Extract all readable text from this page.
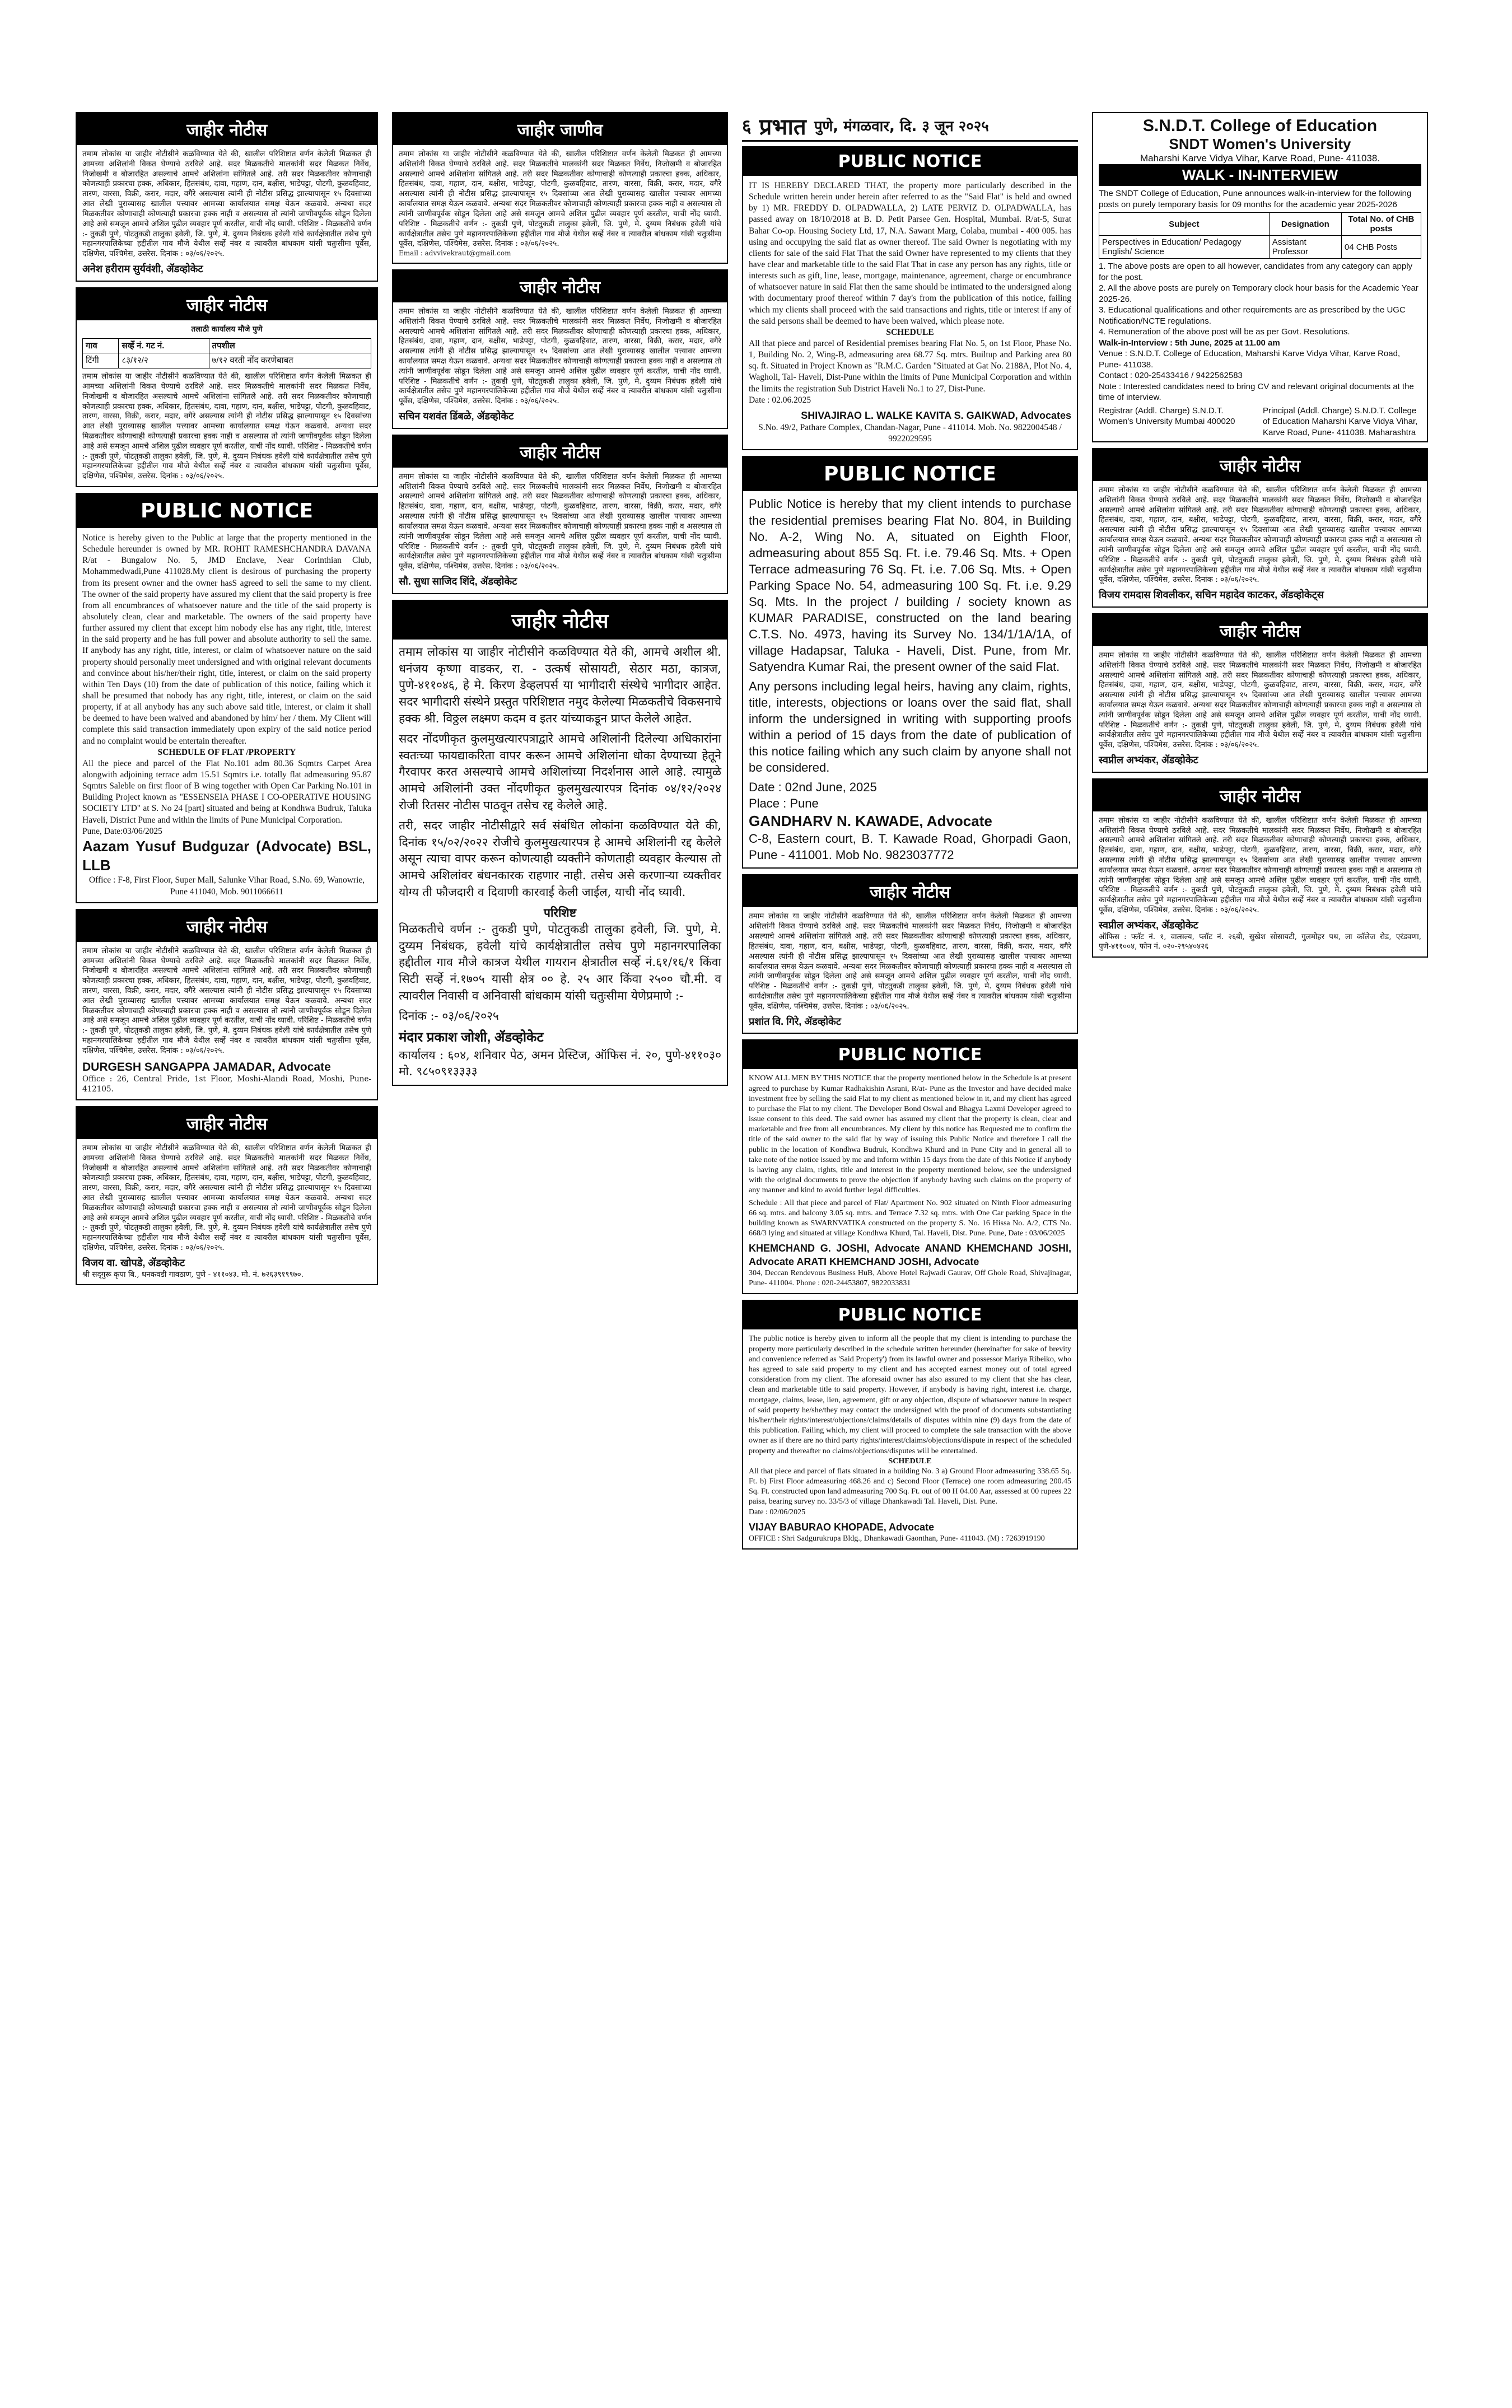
जाहीर नोटीस
तमाम लोकांस या जाहीर नोटीसीने कळविण्यात येते की, खालील परिशिष्टात वर्णन केलेली मिळकत ही आमच्या अशिलांनी विकत घेण्याचे ठरविले आहे. सदर मिळकतीचे मालकांनी सदर मिळकत निर्वेध, निजोखमी व बोजारहित असल्याचे आमचे अशिलांना सांगितले आहे. तरी सदर मिळकतीवर कोणाचाही कोणत्याही प्रकारचा हक्क, अधिकार, हितसंबंध, दावा, गहाण, दान, बक्षीस, भाडेपट्टा, पोटगी, कुळवहिवाट, तारण, वारसा, विक्री, करार, मदार, वगैरे असल्यास त्यांनी ही नोटीस प्रसिद्ध झाल्यापासून १५ दिवसांच्या आत लेखी पुराव्यासह खालील पत्त्यावर आमच्या कार्यालयात समक्ष येऊन कळवावे. अन्यथा सदर मिळकतीवर कोणाचाही कोणत्याही प्रकारचा हक्क नाही व असल्यास तो त्यांनी जाणीवपूर्वक सोडून दिलेला आहे असे समजून आमचे अशिल पुढील व्यवहार पूर्ण करतील, याची नोंद घ्यावी. परिशिष्ट - मिळकतीचे वर्णन :- तुकडी पुणे, पोटतुकडी तालुका हवेली, जि. पुणे, मे. दुय्यम निबंधक हवेली यांचे कार्यक्षेत्रातील तसेच पुणे महानगरपालिकेच्या हद्दीतील गाव मौजे येथील सर्व्हे नंबर व त्यावरील बांधकाम यांसी चतुःसीमा पूर्वेस, दक्षिणेस, पश्चिमेस, उत्तरेस. दिनांक : ०३/०६/२०२५.
अनेश हरीराम सुर्यवंशी, ॲडव्होकेट
जाहीर नोटीस
तलाठी कार्यालय मौजे पुणे
गाव	सर्व्हे नं. गट नं.	तपशील
टिंगी	८३/१२/२	७/१२ वरती नोंद करणेबाबत
तमाम लोकांस या जाहीर नोटीसीने कळविण्यात येते की, खालील परिशिष्टात वर्णन केलेली मिळकत ही आमच्या अशिलांनी विकत घेण्याचे ठरविले आहे. सदर मिळकतीचे मालकांनी सदर मिळकत निर्वेध, निजोखमी व बोजारहित असल्याचे आमचे अशिलांना सांगितले आहे. तरी सदर मिळकतीवर कोणाचाही कोणत्याही प्रकारचा हक्क, अधिकार, हितसंबंध, दावा, गहाण, दान, बक्षीस, भाडेपट्टा, पोटगी, कुळवहिवाट, तारण, वारसा, विक्री, करार, मदार, वगैरे असल्यास त्यांनी ही नोटीस प्रसिद्ध झाल्यापासून १५ दिवसांच्या आत लेखी पुराव्यासह खालील पत्त्यावर आमच्या कार्यालयात समक्ष येऊन कळवावे. अन्यथा सदर मिळकतीवर कोणाचाही कोणत्याही प्रकारचा हक्क नाही व असल्यास तो त्यांनी जाणीवपूर्वक सोडून दिलेला आहे असे समजून आमचे अशिल पुढील व्यवहार पूर्ण करतील, याची नोंद घ्यावी. परिशिष्ट - मिळकतीचे वर्णन :- तुकडी पुणे, पोटतुकडी तालुका हवेली, जि. पुणे, मे. दुय्यम निबंधक हवेली यांचे कार्यक्षेत्रातील तसेच पुणे महानगरपालिकेच्या हद्दीतील गाव मौजे येथील सर्व्हे नंबर व त्यावरील बांधकाम यांसी चतुःसीमा पूर्वेस, दक्षिणेस, पश्चिमेस, उत्तरेस. दिनांक : ०३/०६/२०२५.
PUBLIC NOTICE
Notice is hereby given to the Public at large that the property mentioned in the Schedule hereunder is owned by MR. ROHIT RAMESHCHANDRA DAVANA R/at - Bungalow No. 5, JMD Enclave, Near Corinthian Club, Mohammedwadi,Pune 411028.My client is desirous of purchasing the property from its present owner and the owner hasS agreed to sell the same to my client. The owner of the said property have assured my client that the said property is free from all encumbrances of whatsoever nature and the title of the said property is absolutely clean, clear and marketable. The owners of the said property have further assured my client that except him nobody else has any right, title, interest in the said property and he has full power and absolute authority to sell the same. If anybody has any right, title, interest, or claim of whatsoever nature on the said property should personally meet undersigned and with original relevant documents and convince about his/her/their right, title, interest, or claim on the said property within Ten Days (10) from the date of publication of this notice, failing which it shall be presumed that nobody has any right, title, interest, or claim on the said property, if at all anybody has any such above said title, interest, or claim it shall be deemed to have been waived and abandoned by him/ her / them. My Client will complete this said transaction immediately upon expiry of the said notice period and no complaint would be entertain thereafter.
SCHEDULE OF FLAT /PROPERTY
All the piece and parcel of the Flat No.101 adm 80.36 Sqmtrs Carpet Area alongwith adjoining terrace adm 15.51 Sqmtrs i.e. totally flat admeasuring 95.87 Sqmtrs Saleble on first floor of B wing together with Open Car Parking No.101 in Building Project known as "ESSENSEIA PHASE I CO-OPERATIVE HOUSING SOCIETY LTD" at S. No 24 [part] situated and being at Kondhwa Budruk, Taluka Haveli, District Pune and within the limits of Pune Municipal Corporation.
Pune, Date:03/06/2025
Aazam Yusuf Budguzar (Advocate) BSL, LLB
Office : F-8, First Floor, Super Mall, Salunke Vihar Road, S.No. 69, Wanowrie, Pune 411040, Mob. 9011066611
जाहीर नोटीस
तमाम लोकांस या जाहीर नोटीसीने कळविण्यात येते की, खालील परिशिष्टात वर्णन केलेली मिळकत ही आमच्या अशिलांनी विकत घेण्याचे ठरविले आहे. सदर मिळकतीचे मालकांनी सदर मिळकत निर्वेध, निजोखमी व बोजारहित असल्याचे आमचे अशिलांना सांगितले आहे. तरी सदर मिळकतीवर कोणाचाही कोणत्याही प्रकारचा हक्क, अधिकार, हितसंबंध, दावा, गहाण, दान, बक्षीस, भाडेपट्टा, पोटगी, कुळवहिवाट, तारण, वारसा, विक्री, करार, मदार, वगैरे असल्यास त्यांनी ही नोटीस प्रसिद्ध झाल्यापासून १५ दिवसांच्या आत लेखी पुराव्यासह खालील पत्त्यावर आमच्या कार्यालयात समक्ष येऊन कळवावे. अन्यथा सदर मिळकतीवर कोणाचाही कोणत्याही प्रकारचा हक्क नाही व असल्यास तो त्यांनी जाणीवपूर्वक सोडून दिलेला आहे असे समजून आमचे अशिल पुढील व्यवहार पूर्ण करतील, याची नोंद घ्यावी. परिशिष्ट - मिळकतीचे वर्णन :- तुकडी पुणे, पोटतुकडी तालुका हवेली, जि. पुणे, मे. दुय्यम निबंधक हवेली यांचे कार्यक्षेत्रातील तसेच पुणे महानगरपालिकेच्या हद्दीतील गाव मौजे येथील सर्व्हे नंबर व त्यावरील बांधकाम यांसी चतुःसीमा पूर्वेस, दक्षिणेस, पश्चिमेस, उत्तरेस. दिनांक : ०३/०६/२०२५.
DURGESH SANGAPPA JAMADAR, Advocate
Office : 26, Central Pride, 1st Floor, Moshi-Alandi Road, Moshi, Pune-412105.
जाहीर नोटीस
तमाम लोकांस या जाहीर नोटीसीने कळविण्यात येते की, खालील परिशिष्टात वर्णन केलेली मिळकत ही आमच्या अशिलांनी विकत घेण्याचे ठरविले आहे. सदर मिळकतीचे मालकांनी सदर मिळकत निर्वेध, निजोखमी व बोजारहित असल्याचे आमचे अशिलांना सांगितले आहे. तरी सदर मिळकतीवर कोणाचाही कोणत्याही प्रकारचा हक्क, अधिकार, हितसंबंध, दावा, गहाण, दान, बक्षीस, भाडेपट्टा, पोटगी, कुळवहिवाट, तारण, वारसा, विक्री, करार, मदार, वगैरे असल्यास त्यांनी ही नोटीस प्रसिद्ध झाल्यापासून १५ दिवसांच्या आत लेखी पुराव्यासह खालील पत्त्यावर आमच्या कार्यालयात समक्ष येऊन कळवावे. अन्यथा सदर मिळकतीवर कोणाचाही कोणत्याही प्रकारचा हक्क नाही व असल्यास तो त्यांनी जाणीवपूर्वक सोडून दिलेला आहे असे समजून आमचे अशिल पुढील व्यवहार पूर्ण करतील, याची नोंद घ्यावी. परिशिष्ट - मिळकतीचे वर्णन :- तुकडी पुणे, पोटतुकडी तालुका हवेली, जि. पुणे, मे. दुय्यम निबंधक हवेली यांचे कार्यक्षेत्रातील तसेच पुणे महानगरपालिकेच्या हद्दीतील गाव मौजे येथील सर्व्हे नंबर व त्यावरील बांधकाम यांसी चतुःसीमा पूर्वेस, दक्षिणेस, पश्चिमेस, उत्तरेस. दिनांक : ०३/०६/२०२५.
विजय वा. खोपडे, ॲडव्होकेट
श्री सद्‌गुरू कृपा बि., धनकवडी गावठाण, पुणे - ४११०४३. मो. नं. ७२६३९१९९७०.
जाहीर जाणीव
तमाम लोकांस या जाहीर नोटीसीने कळविण्यात येते की, खालील परिशिष्टात वर्णन केलेली मिळकत ही आमच्या अशिलांनी विकत घेण्याचे ठरविले आहे. सदर मिळकतीचे मालकांनी सदर मिळकत निर्वेध, निजोखमी व बोजारहित असल्याचे आमचे अशिलांना सांगितले आहे. तरी सदर मिळकतीवर कोणाचाही कोणत्याही प्रकारचा हक्क, अधिकार, हितसंबंध, दावा, गहाण, दान, बक्षीस, भाडेपट्टा, पोटगी, कुळवहिवाट, तारण, वारसा, विक्री, करार, मदार, वगैरे असल्यास त्यांनी ही नोटीस प्रसिद्ध झाल्यापासून १५ दिवसांच्या आत लेखी पुराव्यासह खालील पत्त्यावर आमच्या कार्यालयात समक्ष येऊन कळवावे. अन्यथा सदर मिळकतीवर कोणाचाही कोणत्याही प्रकारचा हक्क नाही व असल्यास तो त्यांनी जाणीवपूर्वक सोडून दिलेला आहे असे समजून आमचे अशिल पुढील व्यवहार पूर्ण करतील, याची नोंद घ्यावी. परिशिष्ट - मिळकतीचे वर्णन :- तुकडी पुणे, पोटतुकडी तालुका हवेली, जि. पुणे, मे. दुय्यम निबंधक हवेली यांचे कार्यक्षेत्रातील तसेच पुणे महानगरपालिकेच्या हद्दीतील गाव मौजे येथील सर्व्हे नंबर व त्यावरील बांधकाम यांसी चतुःसीमा पूर्वेस, दक्षिणेस, पश्चिमेस, उत्तरेस. दिनांक : ०३/०६/२०२५.
Email : advvivekraut@gmail.com
जाहीर नोटीस
तमाम लोकांस या जाहीर नोटीसीने कळविण्यात येते की, खालील परिशिष्टात वर्णन केलेली मिळकत ही आमच्या अशिलांनी विकत घेण्याचे ठरविले आहे. सदर मिळकतीचे मालकांनी सदर मिळकत निर्वेध, निजोखमी व बोजारहित असल्याचे आमचे अशिलांना सांगितले आहे. तरी सदर मिळकतीवर कोणाचाही कोणत्याही प्रकारचा हक्क, अधिकार, हितसंबंध, दावा, गहाण, दान, बक्षीस, भाडेपट्टा, पोटगी, कुळवहिवाट, तारण, वारसा, विक्री, करार, मदार, वगैरे असल्यास त्यांनी ही नोटीस प्रसिद्ध झाल्यापासून १५ दिवसांच्या आत लेखी पुराव्यासह खालील पत्त्यावर आमच्या कार्यालयात समक्ष येऊन कळवावे. अन्यथा सदर मिळकतीवर कोणाचाही कोणत्याही प्रकारचा हक्क नाही व असल्यास तो त्यांनी जाणीवपूर्वक सोडून दिलेला आहे असे समजून आमचे अशिल पुढील व्यवहार पूर्ण करतील, याची नोंद घ्यावी. परिशिष्ट - मिळकतीचे वर्णन :- तुकडी पुणे, पोटतुकडी तालुका हवेली, जि. पुणे, मे. दुय्यम निबंधक हवेली यांचे कार्यक्षेत्रातील तसेच पुणे महानगरपालिकेच्या हद्दीतील गाव मौजे येथील सर्व्हे नंबर व त्यावरील बांधकाम यांसी चतुःसीमा पूर्वेस, दक्षिणेस, पश्चिमेस, उत्तरेस. दिनांक : ०३/०६/२०२५.
सचिन यशवंत डिंबळे, ॲडव्होकेट
जाहीर नोटीस
तमाम लोकांस या जाहीर नोटीसीने कळविण्यात येते की, खालील परिशिष्टात वर्णन केलेली मिळकत ही आमच्या अशिलांनी विकत घेण्याचे ठरविले आहे. सदर मिळकतीचे मालकांनी सदर मिळकत निर्वेध, निजोखमी व बोजारहित असल्याचे आमचे अशिलांना सांगितले आहे. तरी सदर मिळकतीवर कोणाचाही कोणत्याही प्रकारचा हक्क, अधिकार, हितसंबंध, दावा, गहाण, दान, बक्षीस, भाडेपट्टा, पोटगी, कुळवहिवाट, तारण, वारसा, विक्री, करार, मदार, वगैरे असल्यास त्यांनी ही नोटीस प्रसिद्ध झाल्यापासून १५ दिवसांच्या आत लेखी पुराव्यासह खालील पत्त्यावर आमच्या कार्यालयात समक्ष येऊन कळवावे. अन्यथा सदर मिळकतीवर कोणाचाही कोणत्याही प्रकारचा हक्क नाही व असल्यास तो त्यांनी जाणीवपूर्वक सोडून दिलेला आहे असे समजून आमचे अशिल पुढील व्यवहार पूर्ण करतील, याची नोंद घ्यावी. परिशिष्ट - मिळकतीचे वर्णन :- तुकडी पुणे, पोटतुकडी तालुका हवेली, जि. पुणे, मे. दुय्यम निबंधक हवेली यांचे कार्यक्षेत्रातील तसेच पुणे महानगरपालिकेच्या हद्दीतील गाव मौजे येथील सर्व्हे नंबर व त्यावरील बांधकाम यांसी चतुःसीमा पूर्वेस, दक्षिणेस, पश्चिमेस, उत्तरेस. दिनांक : ०३/०६/२०२५.
सौ. सुधा साजिद शिंदे, ॲडव्होकेट
जाहीर नोटीस

तमाम लोकांस या जाहीर नोटीसीने कळविण्यात येते की, आमचे अशील श्री. धनंजय कृष्णा वाडकर, रा. - उत्कर्ष सोसायटी, सेठार मठा, कात्रज, पुणे-४११०४६, हे मे. किरण डेव्हलपर्स या भागीदारी संस्थेचे भागीदार आहेत. सदर भागीदारी संस्थेने प्रस्तुत परिशिष्टात नमुद केलेल्या मिळकतीचे विकसनाचे हक्क श्री. विठ्ठल लक्ष्मण कदम व इतर यांच्याकडून प्राप्त केलेले आहेत.

सदर नोंदणीकृत कुलमुखत्यारपत्राद्वारे आमचे अशिलांनी दिलेल्या अधिकारांना स्वतःच्या फायद्याकरिता वापर करून आमचे अशिलांना धोका देण्याच्या हेतूने गैरवापर करत असल्याचे आमचे अशिलांच्या निदर्शनास आले आहे. त्यामुळे आमचे अशिलांनी उक्त नोंदणीकृत कुलमुखत्यारपत्र दिनांक ०४/१२/२०२४ रोजी रितसर नोटीस पाठवून तसेच रद्द केलेले आहे.

तरी, सदर जाहीर नोटीसीद्वारे सर्व संबंधित लोकांना कळविण्यात येते की, दिनांक १५/०२/२०२२ रोजीचे कुलमुखत्यारपत्र हे आमचे अशिलांनी रद्द केलेले असून त्याचा वापर करून कोणत्याही व्यक्तीने कोणताही व्यवहार केल्यास तो आमचे अशिलांवर बंधनकारक राहणार नाही. तसेच असे करणाऱ्या व्यक्तीवर योग्य ती फौजदारी व दिवाणी कारवाई केली जाईल, याची नोंद घ्यावी.

परिशिष्ट

मिळकतीचे वर्णन :- तुकडी पुणे, पोटतुकडी तालुका हवेली, जि. पुणे, मे. दुय्यम निबंधक, हवेली यांचे कार्यक्षेत्रातील तसेच पुणे महानगरपालिका हद्दीतील गाव मौजे कात्रज येथील गायरान क्षेत्रातील सर्व्हे नं.६१/१६/१ किंवा सिटी सर्व्हे नं.१७०५ यासी क्षेत्र ०० हे. २५ आर किंवा २५०० चौ.मी. व त्यावरील निवासी व अनिवासी बांधकाम यांसी चतुःसीमा येणेप्रमाणे :-

दिनांक :- ०३/०६/२०२५
मंदार प्रकाश जोशी, ॲडव्होकेट
कार्यालय : ६०४, शनिवार पेठ, अमन प्रेस्टिज, ऑफिस नं. २०, पुणे-४११०३० मो. ९८५०९१३३३३
६ प्रभात पुणे, मंगळवार, दि. ३ जून २०२५
PUBLIC NOTICE
IT IS HEREBY DECLARED THAT, the property more particularly described in the Schedule written herein under herein after referred to as the "Said Flat" is held and owned by 1) MR. FREDDY D. OLPADWALLA, 2) LATE PERVIZ D. OLPADWALLA, has passed away on 18/10/2018 at B. D. Petit Parsee Gen. Hospital, Mumbai. R/at-5, Surat Bahar Co-op. Housing Society Ltd, 17, N.A. Sawant Marg, Colaba, mumbai - 400 005. has using and occupying the said flat as owner thereof. The said Owner is negotiating with my clients for sale of the said Flat That the said Owner have represented to my clients that they have clear and marketable title to the said Flat That in case any person has any rights, title or interests such as gift, line, lease, mortgage, maintenance, agreement, charge or encumbrance of whatsoever nature in said Flat then the same should be intimated to the undersigned along with documentary proof thereof within 7 day's from the publication of this notice, failing which my clients shall proceed with the said transactions and rights, title or interest if any of the said persons shall be deemed to have been waived, which please note.
SCHEDULE
All that piece and parcel of Residential premises bearing Flat No. 5, on 1st Floor, Phase No. 1, Building No. 2, Wing-B, admeasuring area 68.77 Sq. mtrs. Builtup and Parking area 80 sq. ft. Situated in Project Known as "R.M.C. Garden "Situated at Gat No. 2188A, Plot No. 4, Wagholi, Tal- Haveli, Dist-Pune within the limits of Pune Municipal Corporation and within the limits the registration Sub District Haveli No.1 to 27, Dist-Pune.
Date : 02.06.2025
SHIVAJIRAO L. WALKE KAVITA S. GAIKWAD, Advocates
S.No. 49/2, Pathare Complex, Chandan-Nagar, Pune - 411014. Mob. No. 9822004548 / 9922029595
PUBLIC NOTICE

Public Notice is hereby that my client intends to purchase the residential premises bearing Flat No. 804, in Building No. A-2, Wing No. A, situated on Eighth Floor, admeasuring about 855 Sq. Ft. i.e. 79.46 Sq. Mts. + Open Terrace admeasuring 76 Sq. Ft. i.e. 7.06 Sq. Mts. + Open Parking Space No. 54, admeasuring 100 Sq. Ft. i.e. 9.29 Sq. Mts. In the project / building / society known as KUMAR PARADISE, constructed on the land bearing C.T.S. No. 4973, having its Survey No. 134/1/1A/1A, of village Hadapsar, Taluka - Haveli, Dist. Pune, from Mr. Satyendra Kumar Rai, the present owner of the said Flat.

Any persons including legal heirs, having any claim, rights, title, interests, objections or loans over the said flat, shall inform the undersigned in writing with supporting proofs within a period of 15 days from the date of publication of this notice failing which any such claim by anyone shall not be considered.

Date : 02nd June, 2025
Place : Pune
GANDHARV N. KAWADE, Advocate
C-8, Eastern court, B. T. Kawade Road, Ghorpadi Gaon, Pune - 411001. Mob No. 9823037772
जाहीर नोटीस
तमाम लोकांस या जाहीर नोटीसीने कळविण्यात येते की, खालील परिशिष्टात वर्णन केलेली मिळकत ही आमच्या अशिलांनी विकत घेण्याचे ठरविले आहे. सदर मिळकतीचे मालकांनी सदर मिळकत निर्वेध, निजोखमी व बोजारहित असल्याचे आमचे अशिलांना सांगितले आहे. तरी सदर मिळकतीवर कोणाचाही कोणत्याही प्रकारचा हक्क, अधिकार, हितसंबंध, दावा, गहाण, दान, बक्षीस, भाडेपट्टा, पोटगी, कुळवहिवाट, तारण, वारसा, विक्री, करार, मदार, वगैरे असल्यास त्यांनी ही नोटीस प्रसिद्ध झाल्यापासून १५ दिवसांच्या आत लेखी पुराव्यासह खालील पत्त्यावर आमच्या कार्यालयात समक्ष येऊन कळवावे. अन्यथा सदर मिळकतीवर कोणाचाही कोणत्याही प्रकारचा हक्क नाही व असल्यास तो त्यांनी जाणीवपूर्वक सोडून दिलेला आहे असे समजून आमचे अशिल पुढील व्यवहार पूर्ण करतील, याची नोंद घ्यावी. परिशिष्ट - मिळकतीचे वर्णन :- तुकडी पुणे, पोटतुकडी तालुका हवेली, जि. पुणे, मे. दुय्यम निबंधक हवेली यांचे कार्यक्षेत्रातील तसेच पुणे महानगरपालिकेच्या हद्दीतील गाव मौजे येथील सर्व्हे नंबर व त्यावरील बांधकाम यांसी चतुःसीमा पूर्वेस, दक्षिणेस, पश्चिमेस, उत्तरेस. दिनांक : ०३/०६/२०२५.
प्रशांत वि. गिरे, ॲडव्होकेट
PUBLIC NOTICE
KNOW ALL MEN BY THIS NOTICE that the property mentioned below in the Schedule is at present agreed to purchase by Kumar Radhakishin Asrani, R/at- Pune as the Investor and have decided make investment free by selling the said Flat to my client as mentioned below in it, and my client has agreed to purchase the Flat to my client. The Developer Bond Oswal and Bhagya Laxmi Developer agreed to issue consent to this deed. The said owner has assured my client that the property is clean, clear and marketable and free from all encumbrances. My client by this notice has Requested me to confirm the title of the said owner to the said flat by way of issuing this Public Notice and therefore I call the public in the location of Kondhwa Budruk, Kondhwa Khurd and in Pune City and in general all to take note of the notice issued by me and inform within 15 days from the date of this Notice if anybody is having any claim, rights, title and interest in the property mentioned below, see the undersigned with the original documents to prove the objection if anybody having such claims on the property of any manner and kind to avoid further legal difficulties.

Schedule : All that piece and parcel of Flat/ Apartment No. 902 situated on Ninth Floor admeasuring 66 sq. mtrs. and balcony 3.05 sq. mtrs. and Terrace 7.32 sq. mtrs. with One Car parking Space in the building known as SWARNVATIKA constructed on the property S. No. 16 Hissa No. A/2, CTS No. 668/3 lying and situated at village Kondhwa Khurd, Tal. Haveli, Dist. Pune. Pune, Date : 03/06/2025

KHEMCHAND G. JOSHI, Advocate ANAND KHEMCHAND JOSHI, Advocate ARATI KHEMCHAND JOSHI, Advocate
304, Deccan Rendevous Business HuB, Above Hotel Rajwadi Gaurav, Off Ghole Road, Shivajinagar, Pune- 411004. Phone : 020-24453807, 9822033831
PUBLIC NOTICE
The public notice is hereby given to inform all the people that my client is intending to purchase the property more particularly described in the schedule written hereunder (hereinafter for sake of brevity and convenience referred as 'Said Property') from its lawful owner and possessor Mariya Ribeiko, who has agreed to sale said property to my client and has accepted earnest money out of total agreed consideration from my client. The aforesaid owner has also assured to my client that she has clear, clean and marketable title to said property. However, if anybody is having right, interest i.e. charge, mortgage, claims, lease, lien, agreement, gift or any objection, dispute of whatsoever nature in respect of said property he/she/they may contact the undersigned with the proof of documents substantiating his/her/their rights/interest/objections/claims/details of disputes within nine (9) days from the date of this publication. Failing which, my client will proceed to complete the sale transaction with the above owner as if there are no third party rights/interest/claims/objections/dispute in respect of the scheduled property and thereafter no claims/objections/disputes will be entertained.
SCHEDULE
All that piece and parcel of flats situated in a building No. 3 a) Ground Floor admeasuring 338.65 Sq. Ft. b) First Floor admeasuring 468.26 and c) Second Floor (Terrace) one room admeasuring 200.45 Sq. Ft. constructed upon land admeasuring 700 Sq. Ft. out of 00 H 04.00 Aar, assessed at 00 rupees 22 paisa, bearing survey no. 33/5/3 of village Dhankawadi Tal. Haveli, Dist. Pune.
Date : 02/06/2025
VIJAY BABURAO KHOPADE, Advocate
OFFICE : Shri Sadgurukrupa Bldg., Dhankawadi Gaonthan, Pune- 411043. (M) : 7263919190
S.N.D.T. College of Education
SNDT Women's University
Maharshi Karve Vidya Vihar, Karve Road, Pune- 411038.
WALK - IN-INTERVIEW
The SNDT College of Education, Pune announces walk-in-interview for the following posts on purely temporary basis for 09 months for the academic year 2025-2026
Subject	Designation	Total No. of CHB posts
Perspectives in Education/ Pedagogy English/ Science	Assistant Professor	04 CHB Posts
1. The above posts are open to all however, candidates from any category can apply for the post.
2. All the above posts are purely on Temporary clock hour basis for the Academic Year 2025-26.
3. Educational qualifications and other requirements are as prescribed by the UGC Notification/NCTE regulations.
4. Remuneration of the above post will be as per Govt. Resolutions.
Walk-in-Interview : 5th June, 2025 at 11.00 am
Venue : S.N.D.T. College of Education, Maharshi Karve Vidya Vihar, Karve Road, Pune- 411038.
Contact : 020-25433416 / 9422562583
Note : Interested candidates need to bring CV and relevant original documents at the time of interview.
Registrar (Addl. Charge) S.N.D.T. Women's University Mumbai 400020
Principal (Addl. Charge) S.N.D.T. College of Education Maharshi Karve Vidya Vihar, Karve Road, Pune- 411038. Maharashtra
जाहीर नोटीस
तमाम लोकांस या जाहीर नोटीसीने कळविण्यात येते की, खालील परिशिष्टात वर्णन केलेली मिळकत ही आमच्या अशिलांनी विकत घेण्याचे ठरविले आहे. सदर मिळकतीचे मालकांनी सदर मिळकत निर्वेध, निजोखमी व बोजारहित असल्याचे आमचे अशिलांना सांगितले आहे. तरी सदर मिळकतीवर कोणाचाही कोणत्याही प्रकारचा हक्क, अधिकार, हितसंबंध, दावा, गहाण, दान, बक्षीस, भाडेपट्टा, पोटगी, कुळवहिवाट, तारण, वारसा, विक्री, करार, मदार, वगैरे असल्यास त्यांनी ही नोटीस प्रसिद्ध झाल्यापासून १५ दिवसांच्या आत लेखी पुराव्यासह खालील पत्त्यावर आमच्या कार्यालयात समक्ष येऊन कळवावे. अन्यथा सदर मिळकतीवर कोणाचाही कोणत्याही प्रकारचा हक्क नाही व असल्यास तो त्यांनी जाणीवपूर्वक सोडून दिलेला आहे असे समजून आमचे अशिल पुढील व्यवहार पूर्ण करतील, याची नोंद घ्यावी. परिशिष्ट - मिळकतीचे वर्णन :- तुकडी पुणे, पोटतुकडी तालुका हवेली, जि. पुणे, मे. दुय्यम निबंधक हवेली यांचे कार्यक्षेत्रातील तसेच पुणे महानगरपालिकेच्या हद्दीतील गाव मौजे येथील सर्व्हे नंबर व त्यावरील बांधकाम यांसी चतुःसीमा पूर्वेस, दक्षिणेस, पश्चिमेस, उत्तरेस. दिनांक : ०३/०६/२०२५.
विजय रामदास शिवलीकर, सचिन महादेव काटकर, ॲडव्होकेट्स
जाहीर नोटीस
तमाम लोकांस या जाहीर नोटीसीने कळविण्यात येते की, खालील परिशिष्टात वर्णन केलेली मिळकत ही आमच्या अशिलांनी विकत घेण्याचे ठरविले आहे. सदर मिळकतीचे मालकांनी सदर मिळकत निर्वेध, निजोखमी व बोजारहित असल्याचे आमचे अशिलांना सांगितले आहे. तरी सदर मिळकतीवर कोणाचाही कोणत्याही प्रकारचा हक्क, अधिकार, हितसंबंध, दावा, गहाण, दान, बक्षीस, भाडेपट्टा, पोटगी, कुळवहिवाट, तारण, वारसा, विक्री, करार, मदार, वगैरे असल्यास त्यांनी ही नोटीस प्रसिद्ध झाल्यापासून १५ दिवसांच्या आत लेखी पुराव्यासह खालील पत्त्यावर आमच्या कार्यालयात समक्ष येऊन कळवावे. अन्यथा सदर मिळकतीवर कोणाचाही कोणत्याही प्रकारचा हक्क नाही व असल्यास तो त्यांनी जाणीवपूर्वक सोडून दिलेला आहे असे समजून आमचे अशिल पुढील व्यवहार पूर्ण करतील, याची नोंद घ्यावी. परिशिष्ट - मिळकतीचे वर्णन :- तुकडी पुणे, पोटतुकडी तालुका हवेली, जि. पुणे, मे. दुय्यम निबंधक हवेली यांचे कार्यक्षेत्रातील तसेच पुणे महानगरपालिकेच्या हद्दीतील गाव मौजे येथील सर्व्हे नंबर व त्यावरील बांधकाम यांसी चतुःसीमा पूर्वेस, दक्षिणेस, पश्चिमेस, उत्तरेस. दिनांक : ०३/०६/२०२५.
स्वप्नील अभ्यंकर, ॲडव्होकेट
जाहीर नोटीस
तमाम लोकांस या जाहीर नोटीसीने कळविण्यात येते की, खालील परिशिष्टात वर्णन केलेली मिळकत ही आमच्या अशिलांनी विकत घेण्याचे ठरविले आहे. सदर मिळकतीचे मालकांनी सदर मिळकत निर्वेध, निजोखमी व बोजारहित असल्याचे आमचे अशिलांना सांगितले आहे. तरी सदर मिळकतीवर कोणाचाही कोणत्याही प्रकारचा हक्क, अधिकार, हितसंबंध, दावा, गहाण, दान, बक्षीस, भाडेपट्टा, पोटगी, कुळवहिवाट, तारण, वारसा, विक्री, करार, मदार, वगैरे असल्यास त्यांनी ही नोटीस प्रसिद्ध झाल्यापासून १५ दिवसांच्या आत लेखी पुराव्यासह खालील पत्त्यावर आमच्या कार्यालयात समक्ष येऊन कळवावे. अन्यथा सदर मिळकतीवर कोणाचाही कोणत्याही प्रकारचा हक्क नाही व असल्यास तो त्यांनी जाणीवपूर्वक सोडून दिलेला आहे असे समजून आमचे अशिल पुढील व्यवहार पूर्ण करतील, याची नोंद घ्यावी. परिशिष्ट - मिळकतीचे वर्णन :- तुकडी पुणे, पोटतुकडी तालुका हवेली, जि. पुणे, मे. दुय्यम निबंधक हवेली यांचे कार्यक्षेत्रातील तसेच पुणे महानगरपालिकेच्या हद्दीतील गाव मौजे येथील सर्व्हे नंबर व त्यावरील बांधकाम यांसी चतुःसीमा पूर्वेस, दक्षिणेस, पश्चिमेस, उत्तरेस. दिनांक : ०३/०६/२०२५.
स्वप्नील अभ्यंकर, ॲडव्होकेट
ऑफिस : फ्लॅट नं. १, वात्सल्य, प्लॉट नं. २६बी, सुखेश सोसायटी, गुलमोहर पथ, ला कॉलेज रोड, एरंडवणा, पुणे-४११००४, फोन नं. ०२०-२९५४०४२६
